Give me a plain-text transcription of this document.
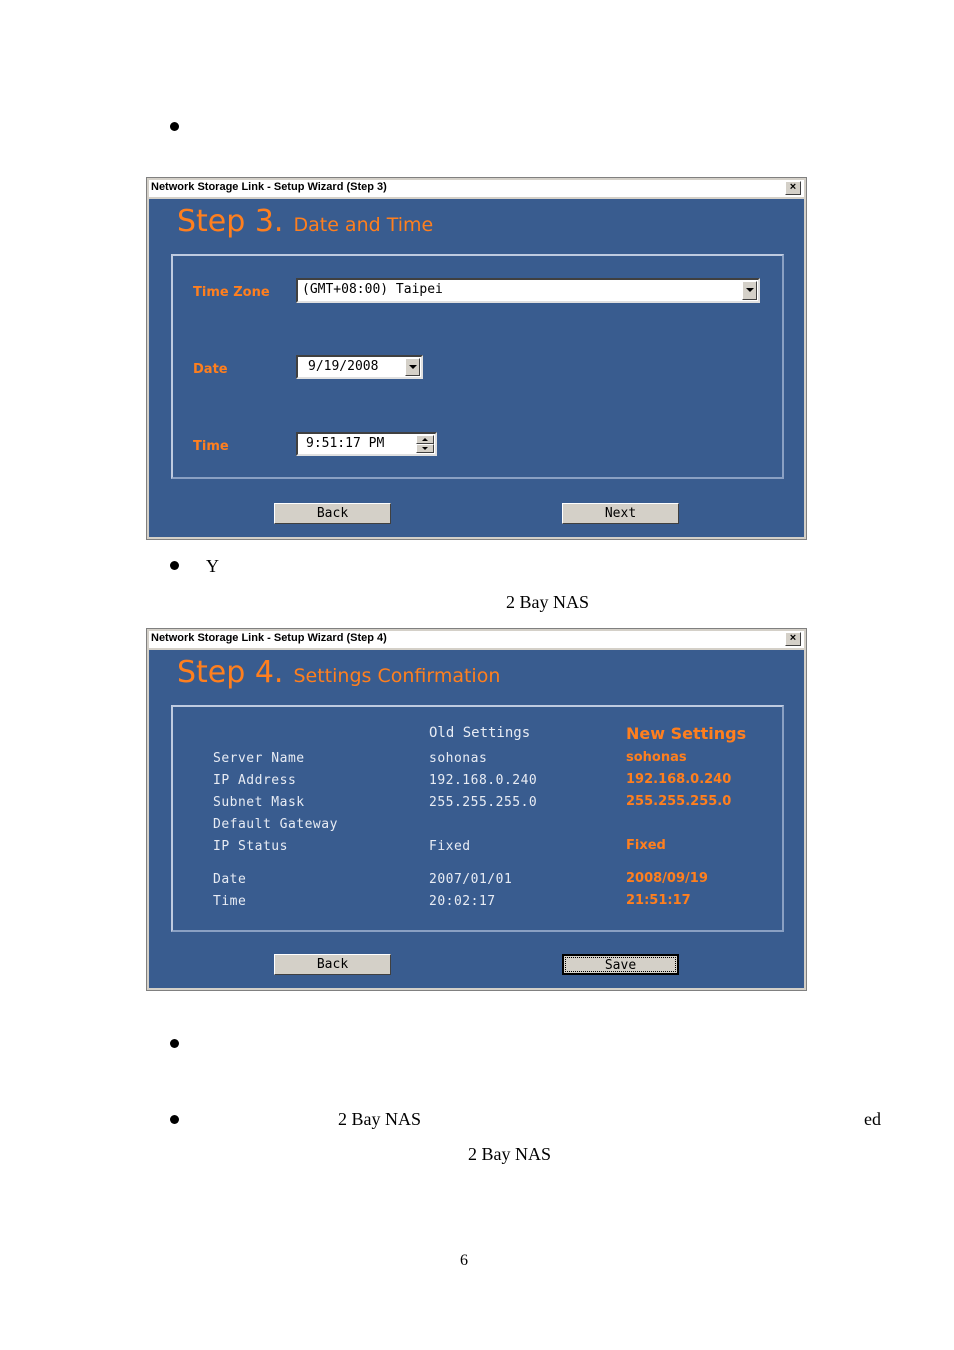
Y
2 Bay NAS
Network Storage Link - Setup Wizard (Step 3)	×
Step 3. Date and Time
Time Zone (GMT+08:00) Taipei
Date	9/19/2008
Time	9:51:17 PM
Back	Next
Network Storage Link - Setup Wizard (Step 4)	×
Step 4. Settings Confirmation
Old Settings	New Settings
Server Name	sohonas	sohonas
IP Address	192.168.0.240	192.168.0.240
Subnet Mask	255.255.255.0	255.255.255.0
Default Gateway
IP Status	Fixed	Fixed
Date	2007/01/01	2008/09/19
Time	20:02:17	21:51:17
Back	Save
2 Bay NAS	ed
2 Bay NAS
6
